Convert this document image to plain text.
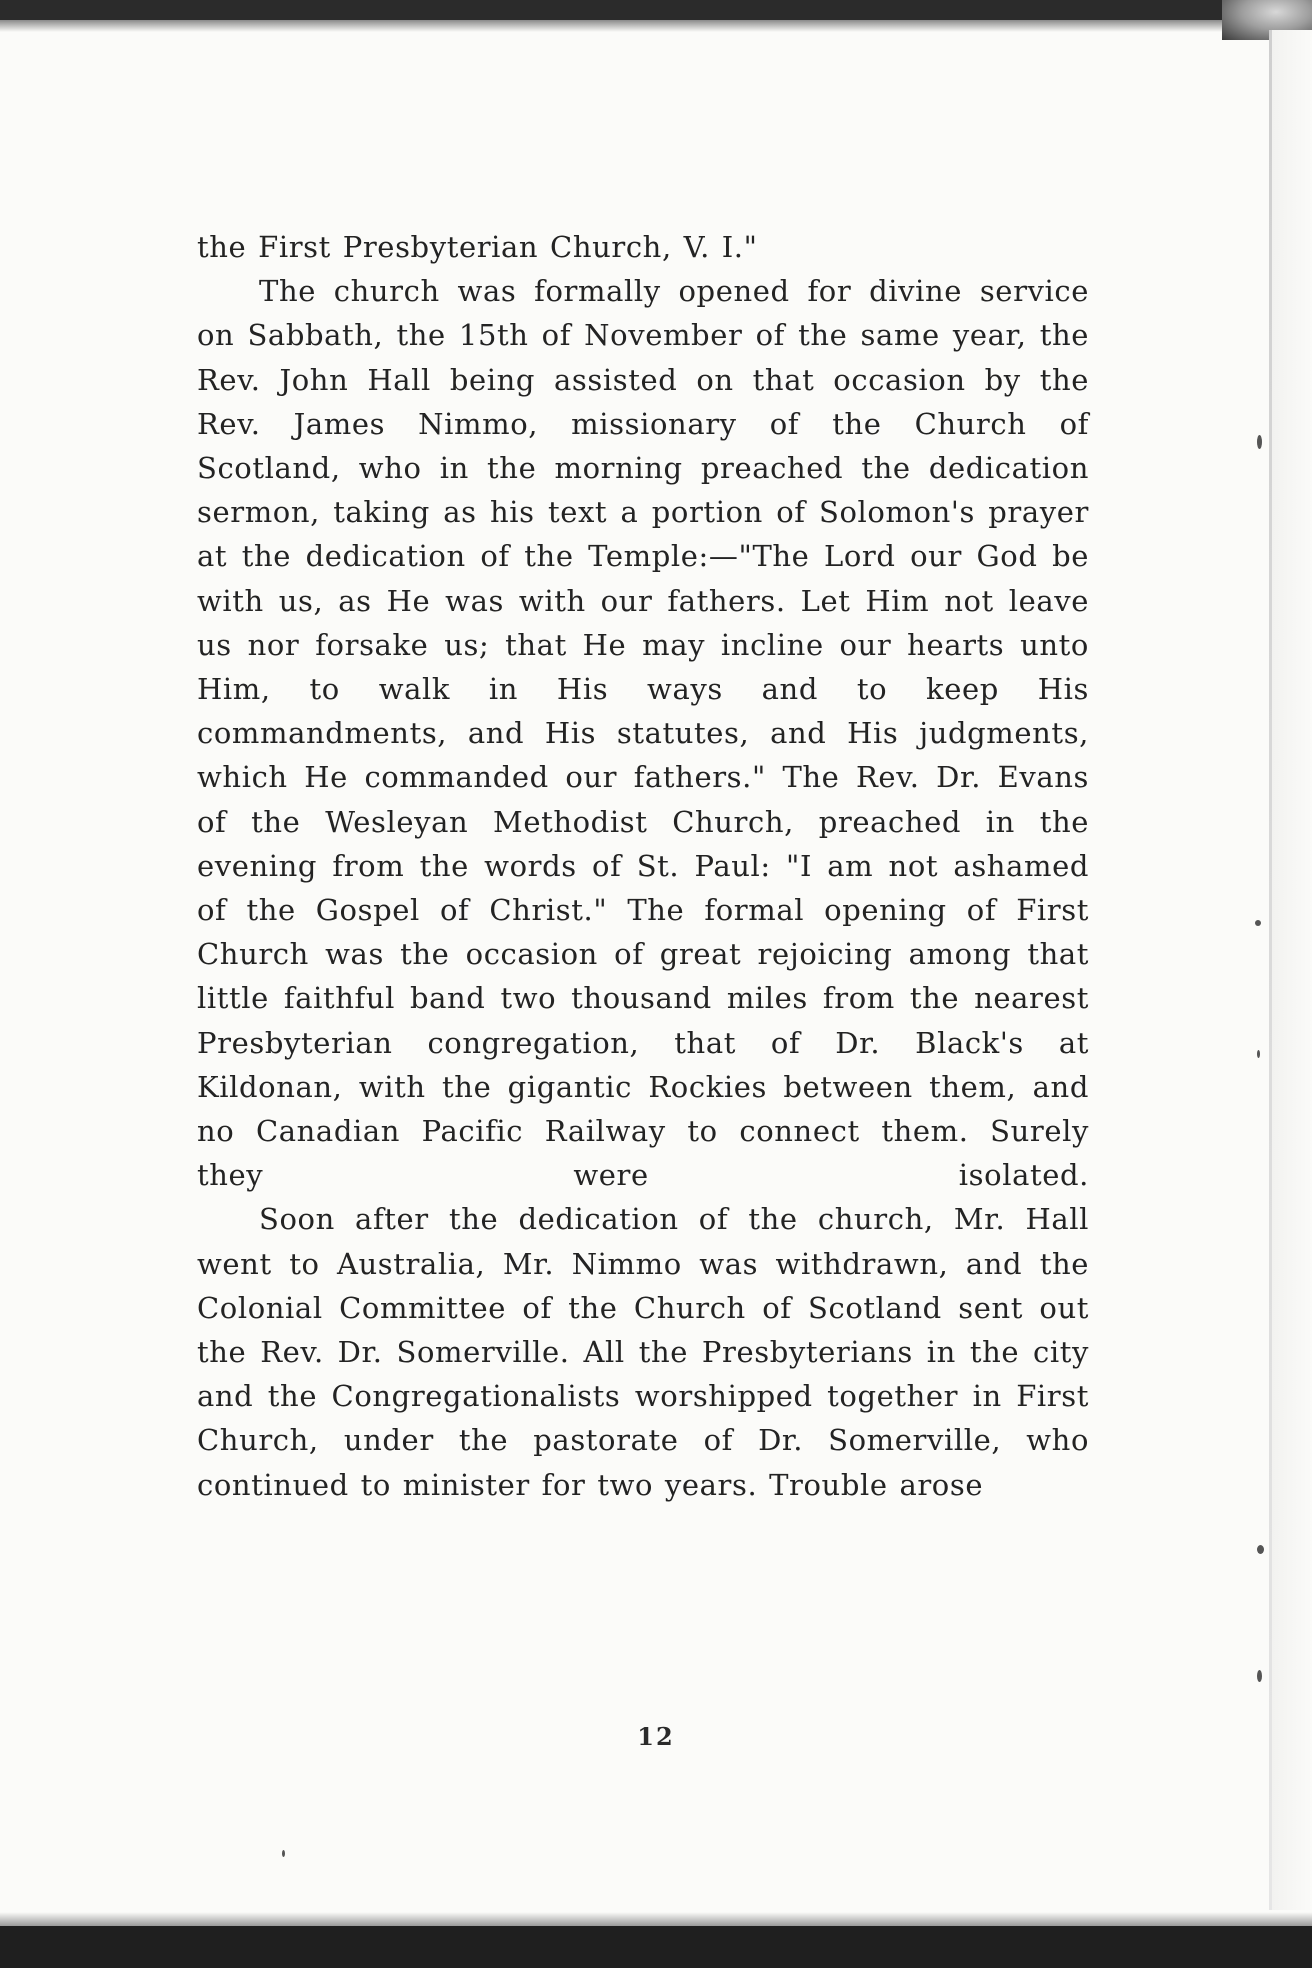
the First Presbyterian Church, V. I."

The church was formally opened for divine service on Sabbath, the 15th of November of the same year, the Rev. John Hall being assisted on that occasion by the Rev. James Nimmo, missionary of the Church of Scotland, who in the morning preached the dedication sermon, taking as his text a portion of Solomon's prayer at the dedication of the Temple:—"The Lord our God be with us, as He was with our fathers. Let Him not leave us nor forsake us; that He may incline our hearts unto Him, to walk in His ways and to keep His commandments, and His statutes, and His judgments, which He commanded our fathers." The Rev. Dr. Evans of the Wesleyan Methodist Church, preached in the evening from the words of St. Paul: "I am not ashamed of the Gospel of Christ." The formal opening of First Church was the occasion of great rejoicing among that little faithful band two thousand miles from the nearest Presbyterian congregation, that of Dr. Black's at Kildonan, with the gigantic Rockies between them, and no Canadian Pacific Railway to connect them. Surely they were isolated.

Soon after the dedication of the church, Mr. Hall went to Australia, Mr. Nimmo was withdrawn, and the Colonial Committee of the Church of Scotland sent out the Rev. Dr. Somerville. All the Presbyterians in the city and the Congregationalists worshipped together in First Church, under the pastorate of Dr. Somerville, who continued to minister for two years. Trouble arose

12
